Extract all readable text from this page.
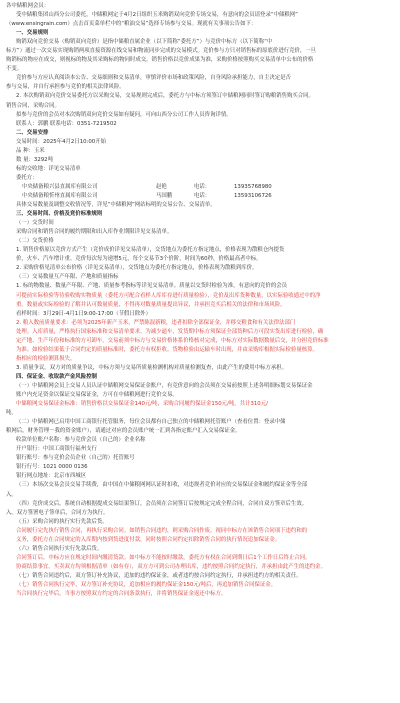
各中储粮网会员：
受中储粮集团山西分公司委托，中储粮网定于4月2日组织玉米购销双向竞价专场交易，有意向的会员请登录“中储粮网”
（www.ensingrain.com）点击首页菜单栏中的“粮油交易”选择专场参与交易。现就有关事项公告如下：
一、交易规则
购销双向竞价交易（购销双向竞价）是指中储粮直属企业（以下简称“委托方”）与竞价中标方（以下简称“中
标方”）通过一次交易实现购销两项直接资源在线交易和物流同步完成的交易模式。竞价参与方只对销售标的原底价进行竞价，一旦
购销标的物应在成交，则视标的物及其采购标的物同时成交。销售价格以竞价成果为准，采购价格按照购买交易清单中公布的价格
不变。
竞价参与方应认真阅读本公告、交易细则和交易清单，审慎评价市场和政策风险，自身风险承担能力，自主决定是否
参与交易，并自行承担参与竞价的相关法律风险。
2. 本次购销双向竞价交易委托方以采购交易，交易规则完成后，委托方与中标方须签订中储粮网同时签订购粮销售购买合同。
销售合同，采购合同。
拟参与竞价的会员对本次购销双向竞价交易如有疑问，可向山西分公司工作人员咨询详情。
联系人：郭鹏 联系电话：0351-7219502
二、交易安排
交易时间：2025年4月2日10:00开始
品 种：玉米
数 量：3292吨
标的交收地：详见交易清单
委托方：
中央储备粮兴县直属库有限公司	赵艳	电话：	13935768980
中央储备粮忻州直属库有限公司	马国鹏	电话：	13593106726
具体交易数量及调整交收情况等，详见“中储粮网”网站标明的交易公告、交易清单。
三、交易时间、价格及竞价标准规则
（一）交货时间
采购合同和销售合同的履约期限和出入库作业期限详见交易清单。
（二）交货价格
1. 销售价格原以竞价方式产生（竞价成价详见交易清单），交货地点为委托方指定地点，价格表现为散粮仓内提货
价，火车、汽车增计重。竞价每次每为递增5元，每个交易节3个价阶，时间为60秒，价格最高者中标。
2. 采购价格见清单公布价格（详见交易清单），交货地点为委托方指定地点，价格表现为散粮到库价。
（三）交易数量互产年限、产地和质量指标
1. 标的物数量、数量产年限、产地、质量参考指标等详见交易清单。质量以交货时检验为准，有意向的竞价的会员
可提前实际检验等待验收购实物质量（委托方可配合看样人库库存进行质量检验），竞价及出库货种数量，以实际验收通过中的净
重。数量或实际检验的了解并认可数量质量，不得再对数量质量提出异议，并承担竞买后相关的法律和市场风险。
看样时间：3月29日-4月1日9:00-17:00（节假日除外）
2. 粮入数前质量要求：必须为2025年新产玉米，严禁陈混新粮，违者扣除全部保证金，并移交粮食和有关法律法部门
处理。入库质量，严格执行国家标准和交易清单要求。为减少逼车，发货期中标方须保证全部货种后方可段实货出库进行检验，确
定产地、生产年份和标准的方可卸车。交易前须中标方与交易价格体系价格核对完成，中标方对实际数据数量后交，并分担竞价标准
为准。如检验结果低于合同约定的质量标准时，委托方有权拒收。货物检验由运输车时出现，并由采购库根据实际检验量核算。
指相应的检验测算损失。
3. 质量争议。双方对的质量争议，中标方须与交易所质量检测机构对质量检测复查，由此产生的费用中标方承担。
四、保证金、收取款产金风险控制
（一）中储粮网会员上交易人员认证中储粮网交易保证金账户，有竞价意向的会员须在交易前按照上述各明细标划交易保证金
账户内充足资金以保证交易保证金，方可在中储粮网进行竞价交易。
中储粮网交易保证金标准：销售价格以交易保证金140元/吨，采购合同履约保证金150元/吨，共计310元/
吨。
（二）中储粮网已启用中国工商银行托管服务，每位会员都有自己独立的中储粮网托管账户（查看位置：登录中储
粮网后，财务管理－我的资金账户），请通过对应的会员账户统一汇到各指定账户汇入交易保证金。
收款单位账户名称：参与竞价会员（自己的）企业名称
开户银行：中国工商银行福州支行
银行账号：参与竞价会员企业（自己的）托管账号
银行行号：1021 0000 0136
银行网点地址：北京市西城区
（三）本场次交易会员交易手续费，由中国在中储粮网网认证时扣收，对违规者竞价对应的交易保证金和履约保证金等全部
入。
（四）竞价成交后，系统自动根据提成交易结果签订，会员须在合同签订后按规定完成全程合同，合同自双方签章后生效。
入。双方签署电子签单后，合同方为执行。
（五）采购合同的执行实行先款后货。
合同履行完先执行销售合同，再执行采购合同。如销售合同违约，则采购合同作废，视同中标方在该销售合同项下违约和的
义务，委托方在合同规定的入库期内按到货进度付款，同时按照合同约定扣除销售合同的执行情况追加保证金。
（六）销售合同执行实行先款后货。
合同签订后，中标方应在规定时间内缴清货款。如中标方不能按时缴款，委托方有权在合同到期日后1个工作日后终止合同，
协商结算事宜。买卖双方均须根据清单（如有存），双方方可到公司办理出库，违约按照合同约定执行，并承担由此产生的违约金。
（七）销售合同违约后，双方签订补充协议，追加的违约保证金，或者违约按合同约定执行，并承担违约方的相关责任。
（七）销售合同执行完毕，双方签订补充协议，追加相应的履约保证金150元/吨后，再追加销售合同保证金。
当合同执行完毕后，当事方按照双方约定的合同条款执行，并将销售保证金返还中标方。
